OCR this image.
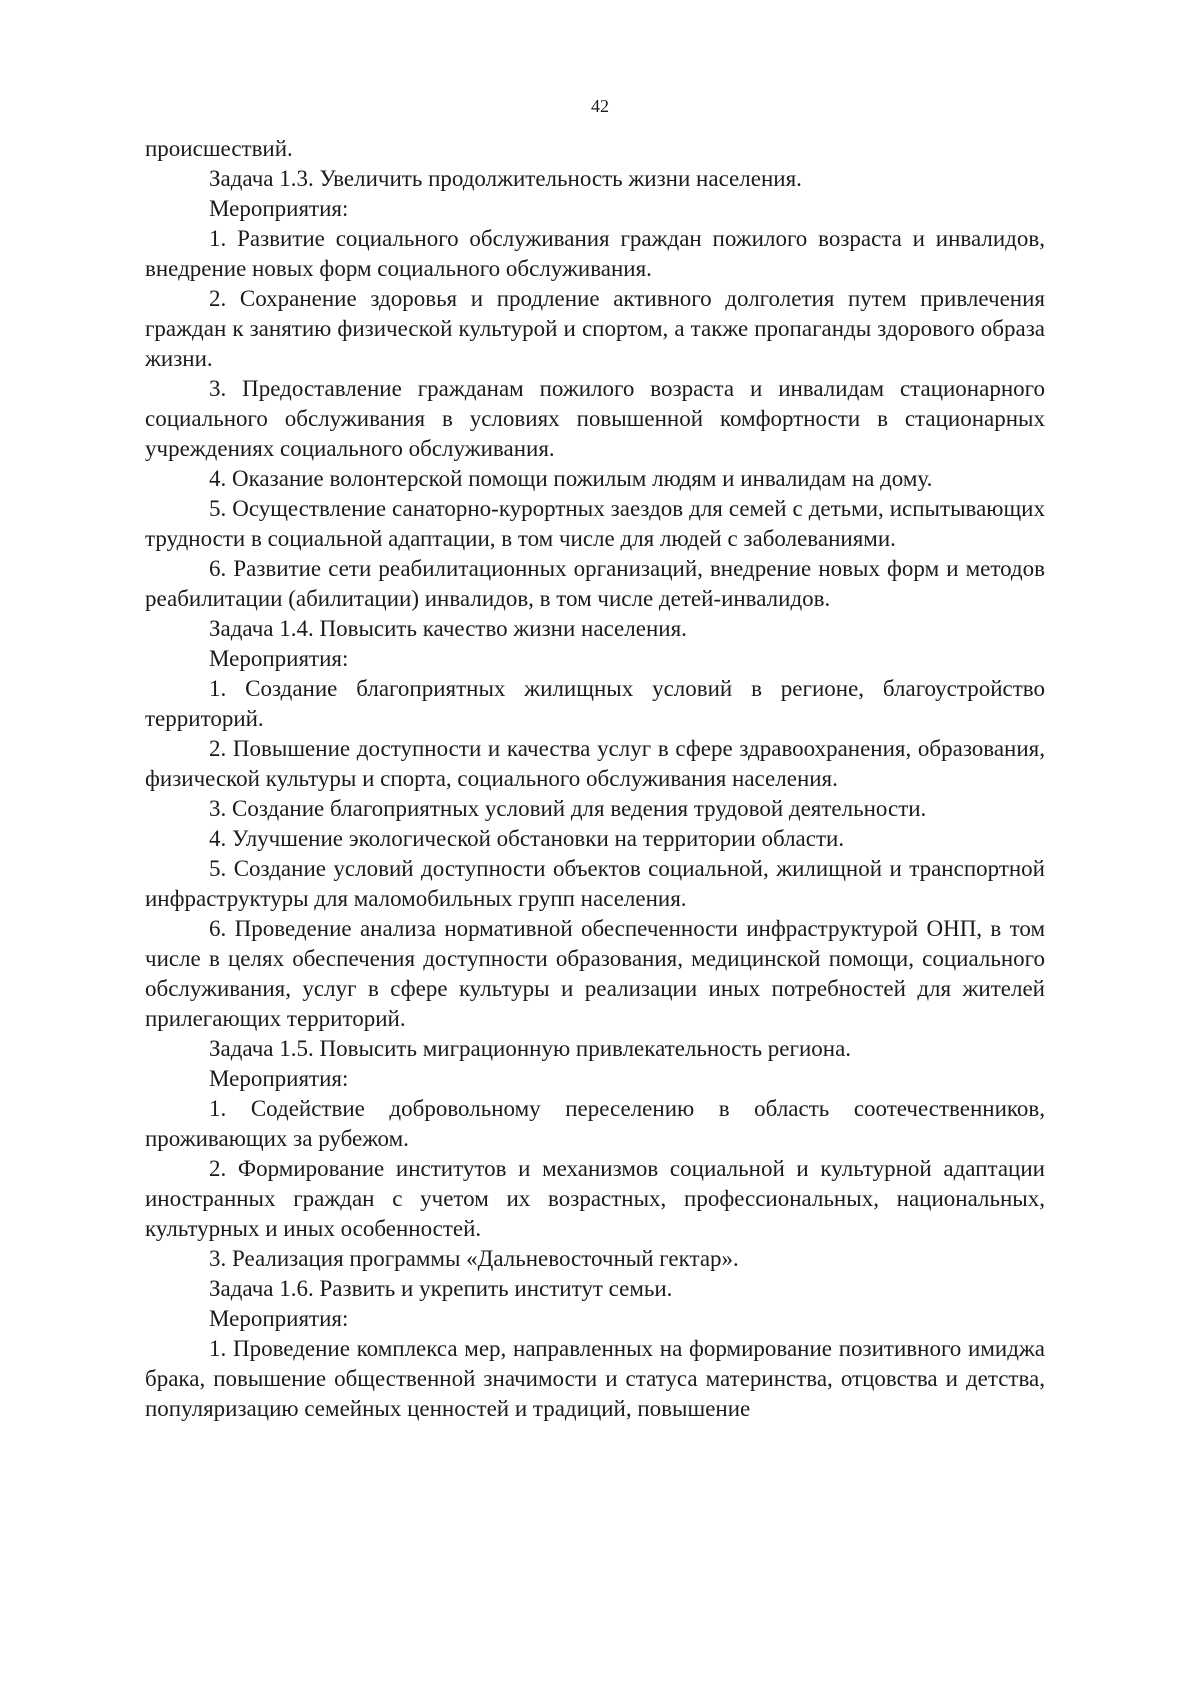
42

происшествий.

Задача 1.3. Увеличить продолжительность жизни населения.

Мероприятия:

1. Развитие социального обслуживания граждан пожилого возраста и инвалидов, внедрение новых форм социального обслуживания.

2. Сохранение здоровья и продление активного долголетия путем привлечения граждан к занятию физической культурой и спортом, а также пропаганды здорового образа жизни.

3. Предоставление гражданам пожилого возраста и инвалидам стационарного социального обслуживания в условиях повышенной комфортности в стационарных учреждениях социального обслуживания.

4. Оказание волонтерской помощи пожилым людям и инвалидам на дому.

5. Осуществление санаторно-курортных заездов для семей с детьми, испытывающих трудности в социальной адаптации, в том числе для людей с заболеваниями.

6. Развитие сети реабилитационных организаций, внедрение новых форм и методов реабилитации (абилитации) инвалидов, в том числе детей-инвалидов.

Задача 1.4. Повысить качество жизни населения.

Мероприятия:

1. Создание благоприятных жилищных условий в регионе, благоустройство территорий.

2. Повышение доступности и качества услуг в сфере здравоохранения, образования, физической культуры и спорта, социального обслуживания населения.

3. Создание благоприятных условий для ведения трудовой деятельности.

4. Улучшение экологической обстановки на территории области.

5. Создание условий доступности объектов социальной, жилищной и транспортной инфраструктуры для маломобильных групп населения.

6. Проведение анализа нормативной обеспеченности инфраструктурой ОНП, в том числе в целях обеспечения доступности образования, медицинской помощи, социального обслуживания, услуг в сфере культуры и реализации иных потребностей для жителей прилегающих территорий.

Задача 1.5. Повысить миграционную привлекательность региона.

Мероприятия:

1. Содействие добровольному переселению в область соотечественников, проживающих за рубежом.

2. Формирование институтов и механизмов социальной и культурной адаптации иностранных граждан с учетом их возрастных, профессиональных, национальных, культурных и иных особенностей.

3. Реализация программы «Дальневосточный гектар».

Задача 1.6. Развить и укрепить институт семьи.

Мероприятия:

1. Проведение комплекса мер, направленных на формирование позитивного имиджа брака, повышение общественной значимости и статуса материнства, отцовства и детства, популяризацию семейных ценностей и традиций, повышение
